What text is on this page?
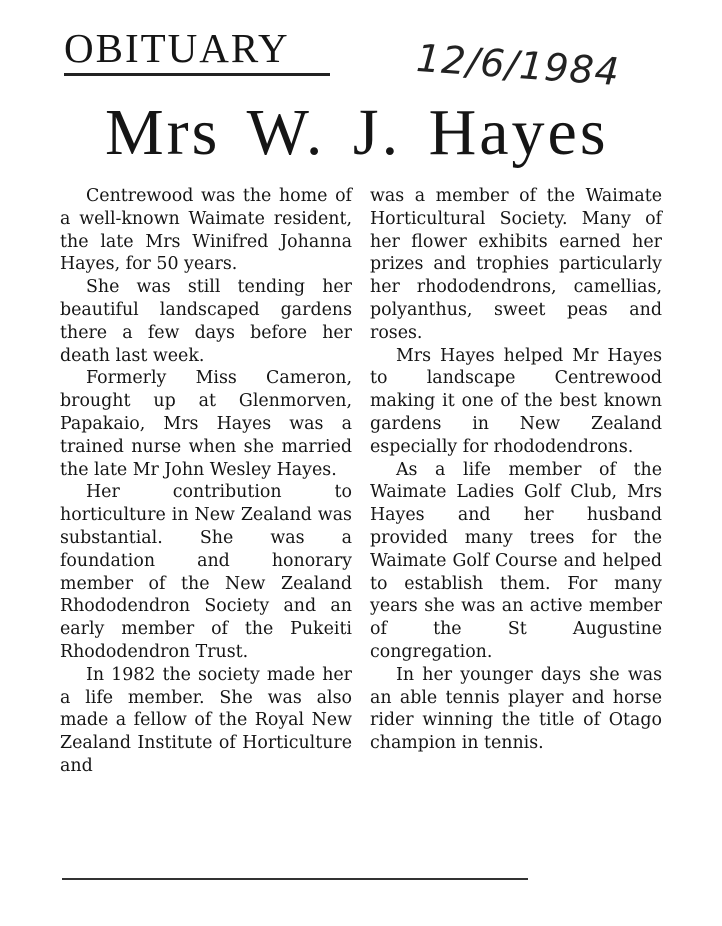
OBITUARY	12/6/1984
Mrs W. J. Hayes

Centrewood was the home of a well-known Waimate resident, the late Mrs Winifred Johanna Hayes, for 50 years.

She was still tending her beautiful landscaped gardens there a few days before her death last week.

Formerly Miss Cameron, brought up at Glenmorven, Papakaio, Mrs Hayes was a trained nurse when she married the late Mr John Wesley Hayes.

Her contribution to horticulture in New Zealand was substantial. She was a foundation and honorary member of the New Zealand Rhododendron Society and an early member of the Pukeiti Rhododendron Trust.

In 1982 the society made her a life member. She was also made a fellow of the Royal New Zealand Institute of Horticulture and

was a member of the Waimate Horticultural Society. Many of her flower exhibits earned her prizes and trophies particularly her rhododendrons, camellias, polyanthus, sweet peas and roses.

Mrs Hayes helped Mr Hayes to landscape Centrewood making it one of the best known gardens in New Zealand especially for rhododendrons.

As a life member of the Waimate Ladies Golf Club, Mrs Hayes and her husband provided many trees for the Waimate Golf Course and helped to establish them. For many years she was an active member of the St Augustine congregation.

In her younger days she was an able tennis player and horse rider winning the title of Otago champion in tennis.
